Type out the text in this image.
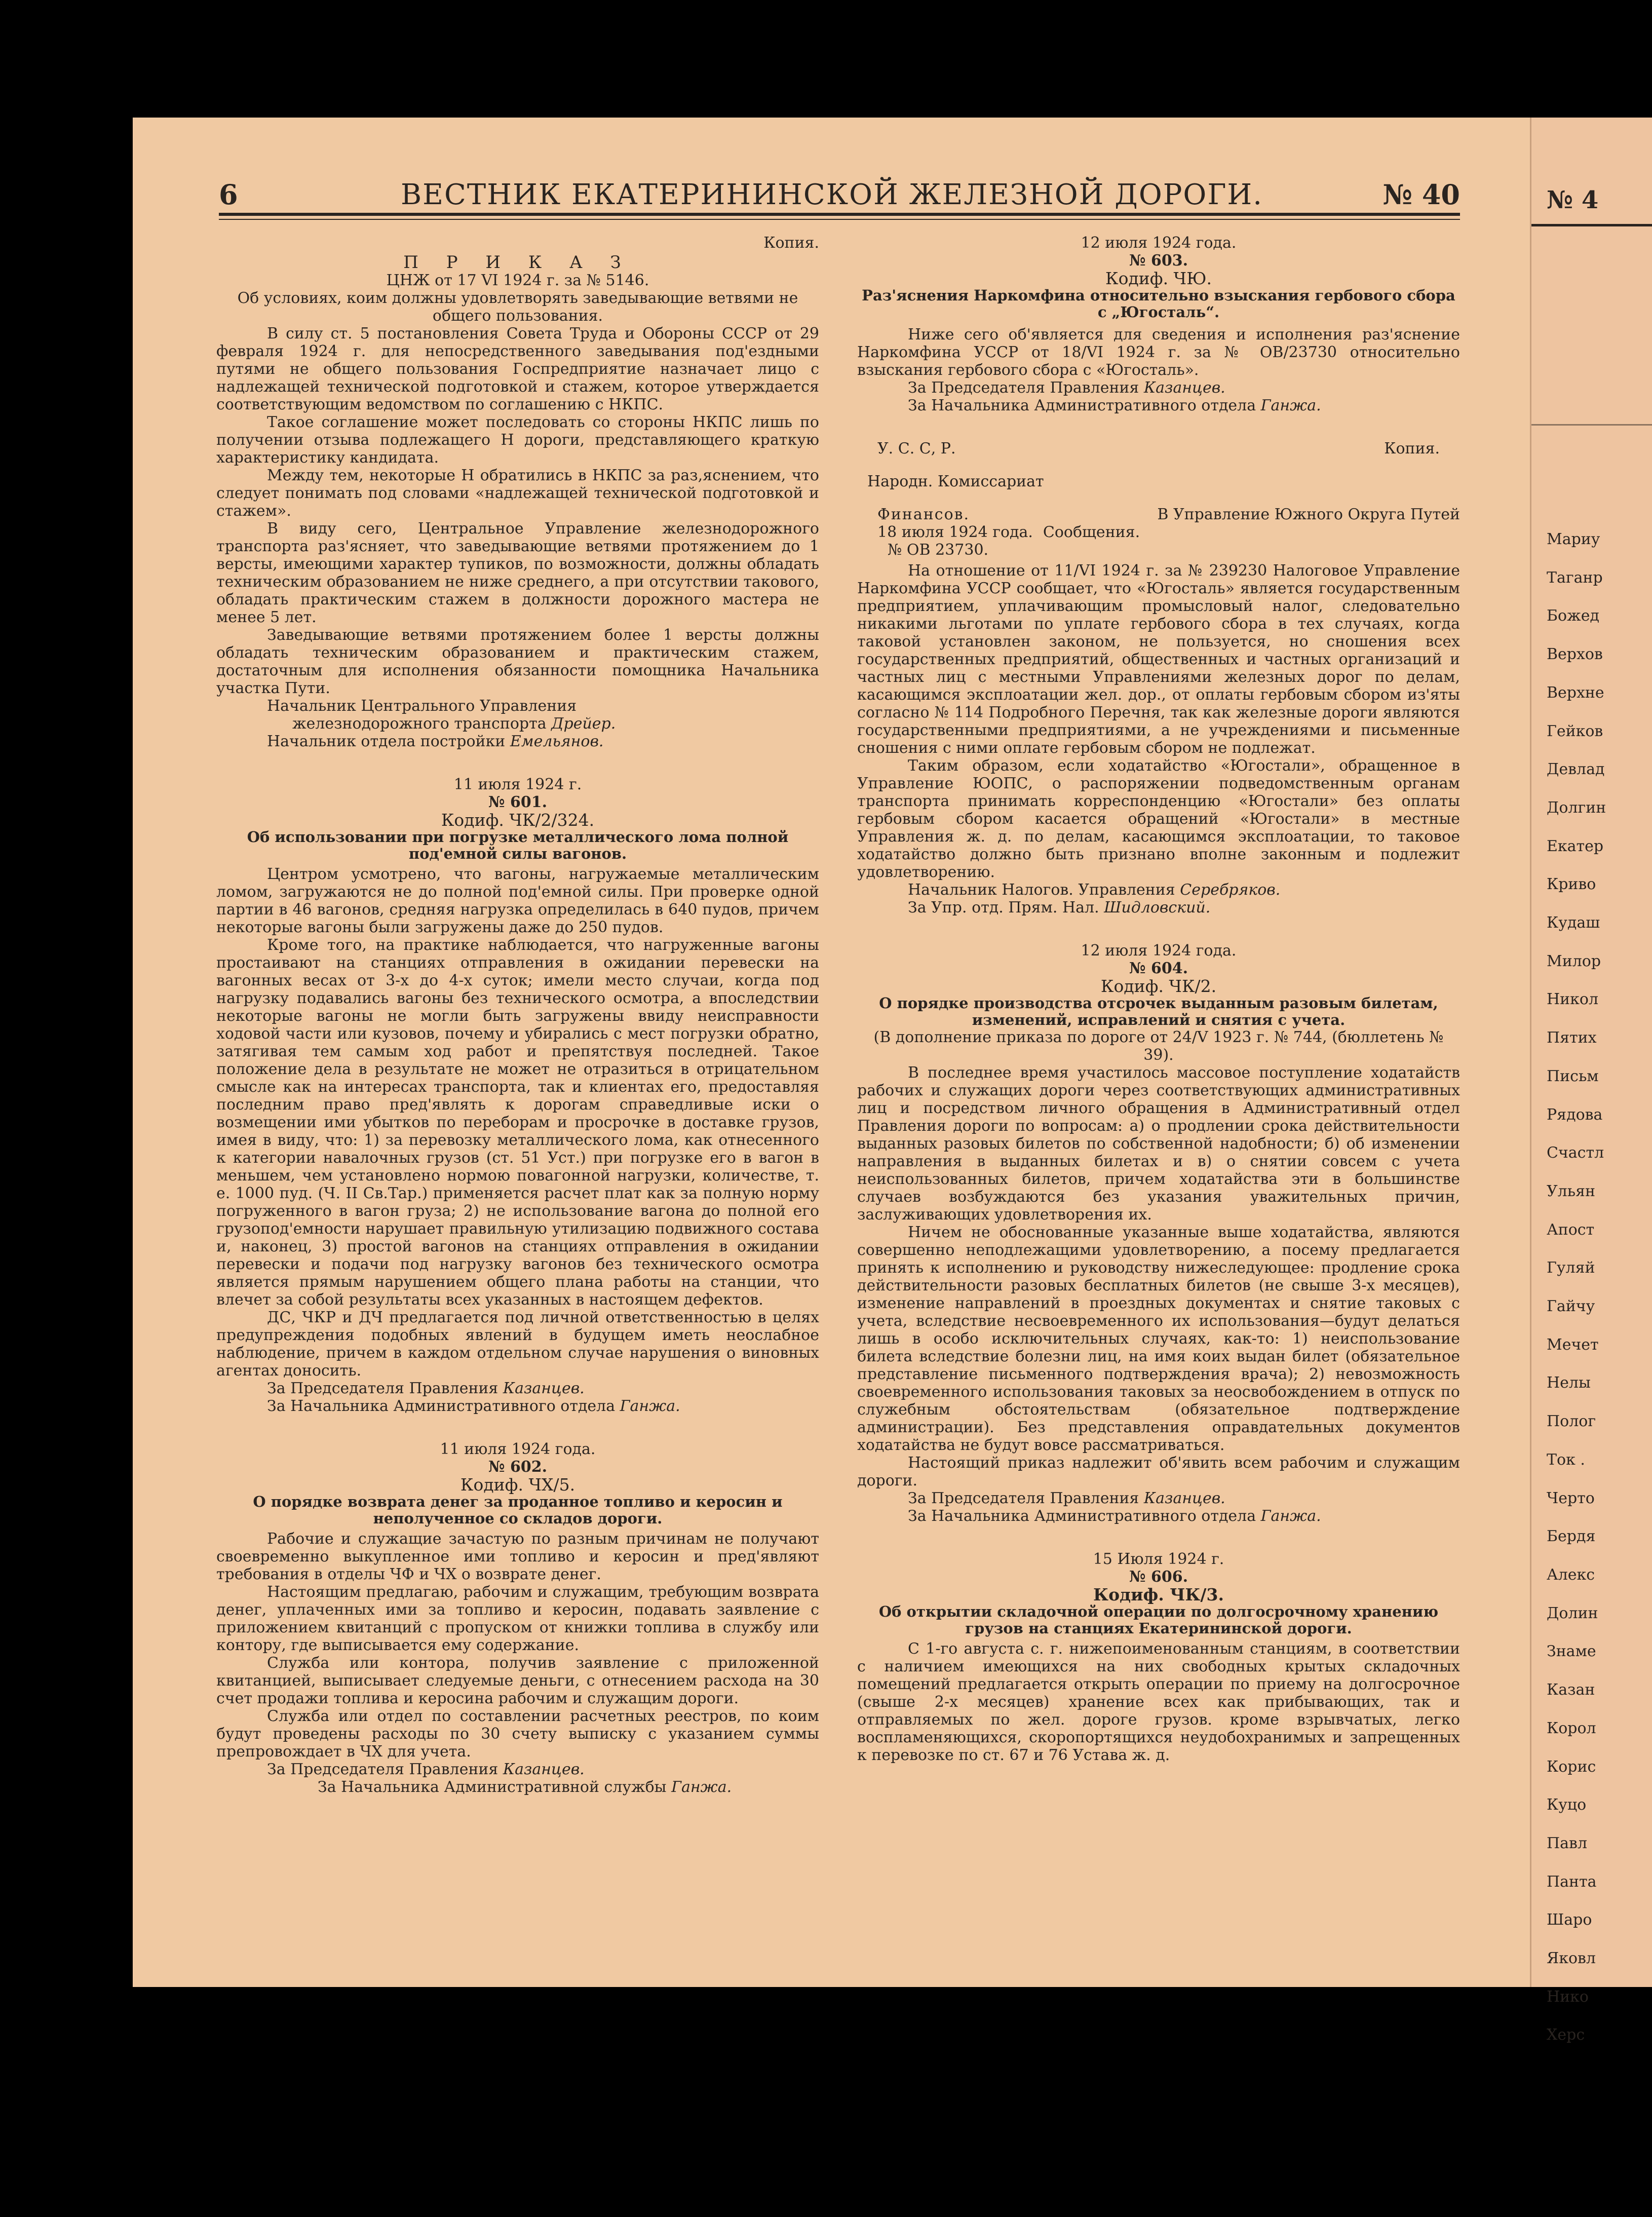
6	ВЕСТНИК ЕКАТЕРИНИНСКОЙ ЖЕЛЕЗНОЙ ДОРОГИ.	№ 40

Копия.

П Р И К А З

ЦНЖ от 17 VI 1924 г. за № 5146.

Об условиях, коим должны удовлетворять заведывающие ветвями не общего пользования.

В силу ст. 5 постановления Совета Труда и Обороны СССР от 29 февраля 1924 г. для непосредственного заведывания под'ездными путями не общего пользования Госпредприятие назначает лицо с надлежащей технической подготовкой и стажем, которое утверждается соответствующим ведомством по соглашению с НКПС.

Такое соглашение может последовать со стороны НКПС лишь по получении отзыва подлежащего Н дороги, представляющего краткую характеристику кандидата.

Между тем, некоторые Н обратились в НКПС за раз,яснением, что следует понимать под словами «надлежащей технической подготовкой и стажем».

В виду сего, Центральное Управление железнодорожного транспорта раз'ясняет, что заведывающие ветвями протяжением до 1 версты, имеющими характер тупиков, по возможности, должны обладать техническим образованием не ниже среднего, а при отсутствии такового, обладать практическим стажем в должности дорожного мастера не менее 5 лет.

Заведывающие ветвями протяжением более 1 версты должны обладать техническим образованием и практическим стажем, достаточным для исполнения обязанности помощника Начальника участка Пути.

Начальник Центрального Управления

железнодорожного транспорта Дрейер.

Начальник отдела постройки Емельянов.

11 июля 1924 г.

№ 601.

Кодиф. ЧК/2/324.

Об использовании при погрузке металлического лома полной под'емной силы вагонов.

Центром усмотрено, что вагоны, нагружаемые металлическим ломом, загружаются не до полной под'емной силы. При проверке одной партии в 46 вагонов, средняя нагрузка определилась в 640 пудов, причем некоторые вагоны были загружены даже до 250 пудов.

Кроме того, на практике наблюдается, что нагруженные вагоны простаивают на станциях отправления в ожидании перевески на вагонных весах от 3-х до 4-х суток; имели место случаи, когда под нагрузку подавались вагоны без технического осмотра, а впоследствии некоторые вагоны не могли быть загружены ввиду неисправности ходовой части или кузовов, почему и убирались с мест погрузки обратно, затягивая тем самым ход работ и препятствуя последней. Такое положение дела в результате не может не отразиться в отрицательном смысле как на интересах транспорта, так и клиентах его, предоставляя последним право пред'являть к дорогам справедливые иски о возмещении ими убытков по переборам и просрочке в доставке грузов, имея в виду, что: 1) за перевозку металлического лома, как отнесенного к категории навалочных грузов (ст. 51 Уст.) при погрузке его в вагон в меньшем, чем установлено нормою повагонной нагрузки, количестве, т. е. 1000 пуд. (Ч. II Св.Тар.) применяется расчет плат как за полную норму погруженного в вагон груза; 2) не использование вагона до полной его грузопод'емности нарушает правильную утилизацию подвижного состава и, наконец, 3) простой вагонов на станциях отправления в ожидании перевески и подачи под нагрузку вагонов без технического осмотра является прямым нарушением общего плана работы на станции, что влечет за собой результаты всех указанных в настоящем дефектов.

ДС, ЧКР и ДЧ предлагается под личной ответственностью в целях предупреждения подобных явлений в будущем иметь неослабное наблюдение, причем в каждом отдельном случае нарушения о виновных агентах доносить.

За Председателя Правления Казанцев.

За Начальника Административного отдела Ганжа.

11 июля 1924 года.

№ 602.

Кодиф. ЧХ/5.

О порядке возврата денег за проданное топливо и керосин и неполученное со складов дороги.

Рабочие и служащие зачастую по разным причинам не получают своевременно выкупленное ими топливо и керосин и пред'являют требования в отделы ЧФ и ЧХ о возврате денег.

Настоящим предлагаю, рабочим и служащим, требующим возврата денег, уплаченных ими за топливо и керосин, подавать заявление с приложением квитанций с пропуском от книжки топлива в службу или контору, где выписывается ему содержание.

Служба или контора, получив заявление с приложенной квитанцией, выписывает следуемые деньги, с отнесением расхода на 30 счет продажи топлива и керосина рабочим и служащим дороги.

Служба или отдел по составлении расчетных реестров, по коим будут проведены расходы по 30 счету выписку с указанием суммы препровождает в ЧХ для учета.

За Председателя Правления Казанцев.

За Начальника Административной службы Ганжа.

12 июля 1924 года.

№ 603.

Кодиф. ЧЮ.

Раз'яснения Наркомфина относительно взыскания гербового сбора с „Югосталь“.

Ниже сего об'является для сведения и исполнения раз'яснение Наркомфина УССР от 18/VI 1924 г. за № ОВ/23730 относительно взыскания гербового сбора с «Югосталь».

За Председателя Правления Казанцев.

За Начальника Административного отдела Ганжа.

У. С. С, Р.	Копия.

Народн. Комиссариат

Финансов.	В Управление Южного Округа Путей
18 июля 1924 года. Сообщения.

№ ОВ 23730.

На отношение от 11/VI 1924 г. за № 239230 Налоговое Управление Наркомфина УССР сообщает, что «Югосталь» является государственным предприятием, уплачивающим промысловый налог, следовательно никакими льготами по уплате гербового сбора в тех случаях, когда таковой установлен законом, не пользуется, но сношения всех государственных предприятий, общественных и частных организаций и частных лиц с местными Управлениями железных дорог по делам, касающимся эксплоатации жел. дор., от оплаты гербовым сбором из'яты согласно № 114 Подробного Перечня, так как железные дороги являются государственными предприятиями, а не учреждениями и письменные сношения с ними оплате гербовым сбором не подлежат.

Таким образом, если ходатайство «Югостали», обращенное в Управление ЮОПС, о распоряжении подведомственным органам транспорта принимать корреспонденцию «Югостали» без оплаты гербовым сбором касается обращений «Югостали» в местные Управления ж. д. по делам, касающимся эксплоатации, то таковое ходатайство должно быть признано вполне законным и подлежит удовлетворению.

Начальник Налогов. Управления Серебряков.

За Упр. отд. Прям. Нал. Шидловский.

12 июля 1924 года.

№ 604.

Кодиф. ЧК/2.

О порядке производства отсрочек выданным разовым билетам, изменений, исправлений и снятия с учета.

(В дополнение приказа по дороге от 24/V 1923 г. № 744, (бюллетень № 39).

В последнее время участилось массовое поступление ходатайств рабочих и служащих дороги через соответствующих административных лиц и посредством личного обращения в Административный отдел Правления дороги по вопросам: а) о продлении срока действительности выданных разовых билетов по собственной надобности; б) об изменении направления в выданных билетах и в) о снятии совсем с учета неиспользованных билетов, причем ходатайства эти в большинстве случаев возбуждаются без указания уважительных причин, заслуживающих удовлетворения их.

Ничем не обоснованные указанные выше ходатайства, являются совершенно неподлежащими удовлетворению, а посему предлагается принять к исполнению и руководству нижеследующее: продление срока действительности разовых бесплатных билетов (не свыше 3-х месяцев), изменение направлений в проездных документах и снятие таковых с учета, вследствие несвоевременного их использования—будут делаться лишь в особо исключительных случаях, как-то: 1) неиспользование билета вследствие болезни лиц, на имя коих выдан билет (обязательное представление письменного подтверждения врача); 2) невозможность своевременного использования таковых за неосвобождением в отпуск по служебным обстоятельствам (обязательное подтверждение администрации). Без представления оправдательных документов ходатайства не будут вовсе рассматриваться.

Настоящий приказ надлежит об'явить всем рабочим и служащим дороги.

За Председателя Правления Казанцев.

За Начальника Административного отдела Ганжа.

15 Июля 1924 г.

№ 606.

Кодиф. ЧК/3.

Об открытии складочной операции по долгосрочному хранению грузов на станциях Екатерининской дороги.

С 1-го августа с. г. нижепоименованным станциям, в соответствии с наличием имеющихся на них свободных крытых складочных помещений предлагается открыть операции по приему на долгосрочное (свыше 2-х месяцев) хранение всех как прибывающих, так и отправляемых по жел. дороге грузов. кроме взрывчатых, легко воспламеняющихся, скоропортящихся неудобохранимых и запрещенных к перевозке по ст. 67 и 76 Устава ж. д.

№ 4
Мариу
Таганр
Божед
Верхов
Верхне
Гейков
Девлад
Долгин
Екатер
Криво
Кудаш
Милор
Никол
Пятих
Письм
Рядова
Счастл
Ульян
Апост
Гуляй
Гайчу
Мечет
Нелы
Полог
Ток .
Черто
Бердя
Алекс
Долин
Знаме
Казан
Корол
Корис
Куцо
Павл
Панта
Шаро
Яковл
Нико
Херс
